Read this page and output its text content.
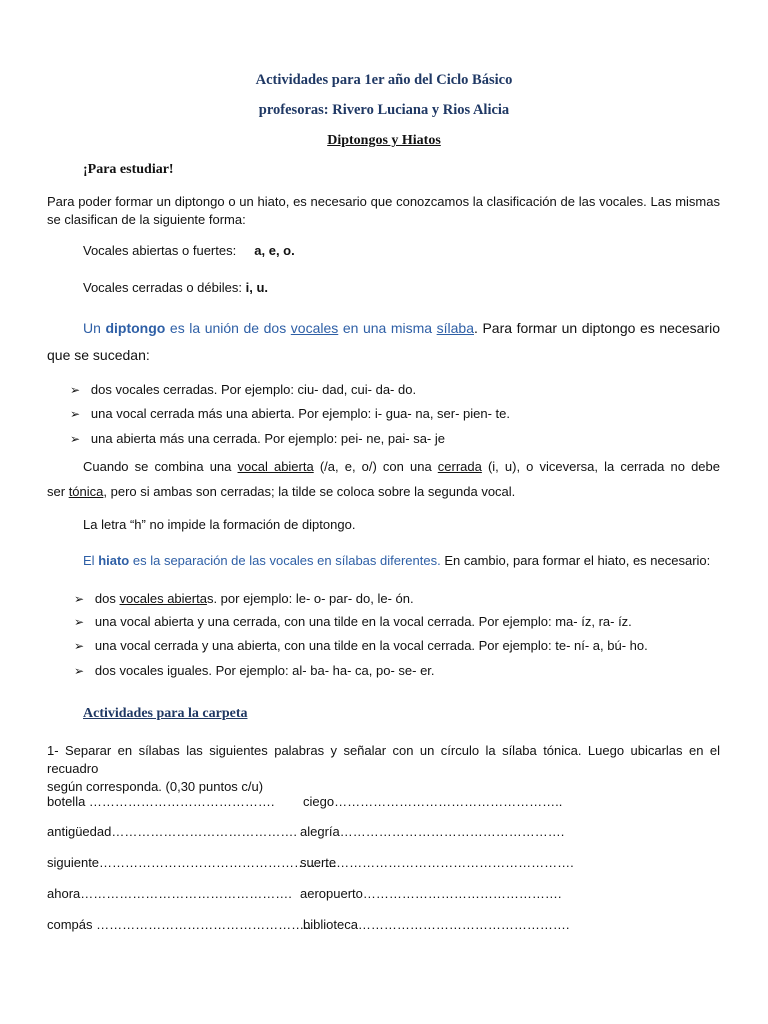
Actividades para 1er año del Ciclo Básico
profesoras: Rivero Luciana y Rios Alicia
Diptongos y Hiatos
¡Para estudiar!
Para poder formar un diptongo o un hiato, es necesario que conozcamos la clasificación de las vocales. Las mismas
se clasifican de la siguiente forma:
Vocales abiertas o fuertes: a, e, o.
Vocales cerradas o débiles: i, u.
Un diptongo es la unión de dos vocales en una misma sílaba. Para formar un diptongo es necesario
que se sucedan:
➢ dos vocales cerradas. Por ejemplo: ciu- dad, cui- da- do.
➢ una vocal cerrada más una abierta. Por ejemplo: i- gua- na, ser- pien- te.
➢ una abierta más una cerrada. Por ejemplo: pei- ne, pai- sa- je
Cuando se combina una vocal abierta (/a, e, o/) con una cerrada (i, u), o viceversa, la cerrada no debe
ser tónica, pero si ambas son cerradas; la tilde se coloca sobre la segunda vocal.
La letra “h” no impide la formación de diptongo.
El hiato es la separación de las vocales en sílabas diferentes. En cambio, para formar el hiato, es necesario:
➢ dos vocales abiertas. por ejemplo: le- o- par- do, le- ón.
➢ una vocal abierta y una cerrada, con una tilde en la vocal cerrada. Por ejemplo: ma- íz, ra- íz.
➢ una vocal cerrada y una abierta, con una tilde en la vocal cerrada. Por ejemplo: te- ní- a, bú- ho.
➢ dos vocales iguales. Por ejemplo: al- ba- ha- ca, po- se- er.
Actividades para la carpeta
1- Separar en sílabas las siguientes palabras y señalar con un círculo la sílaba tónica. Luego ubicarlas en el recuadro
según corresponda. (0,30 puntos c/u)
botella ……………………………………. ciego……………………………………………..
antigüedad……………………………………. alegría…………………………………………….
siguiente……………………………………………….
suerte……………………………………………….
ahora…………………………………………. aeropuerto……………………………………….
compás …………………………………………..
biblioteca………………………………………….
